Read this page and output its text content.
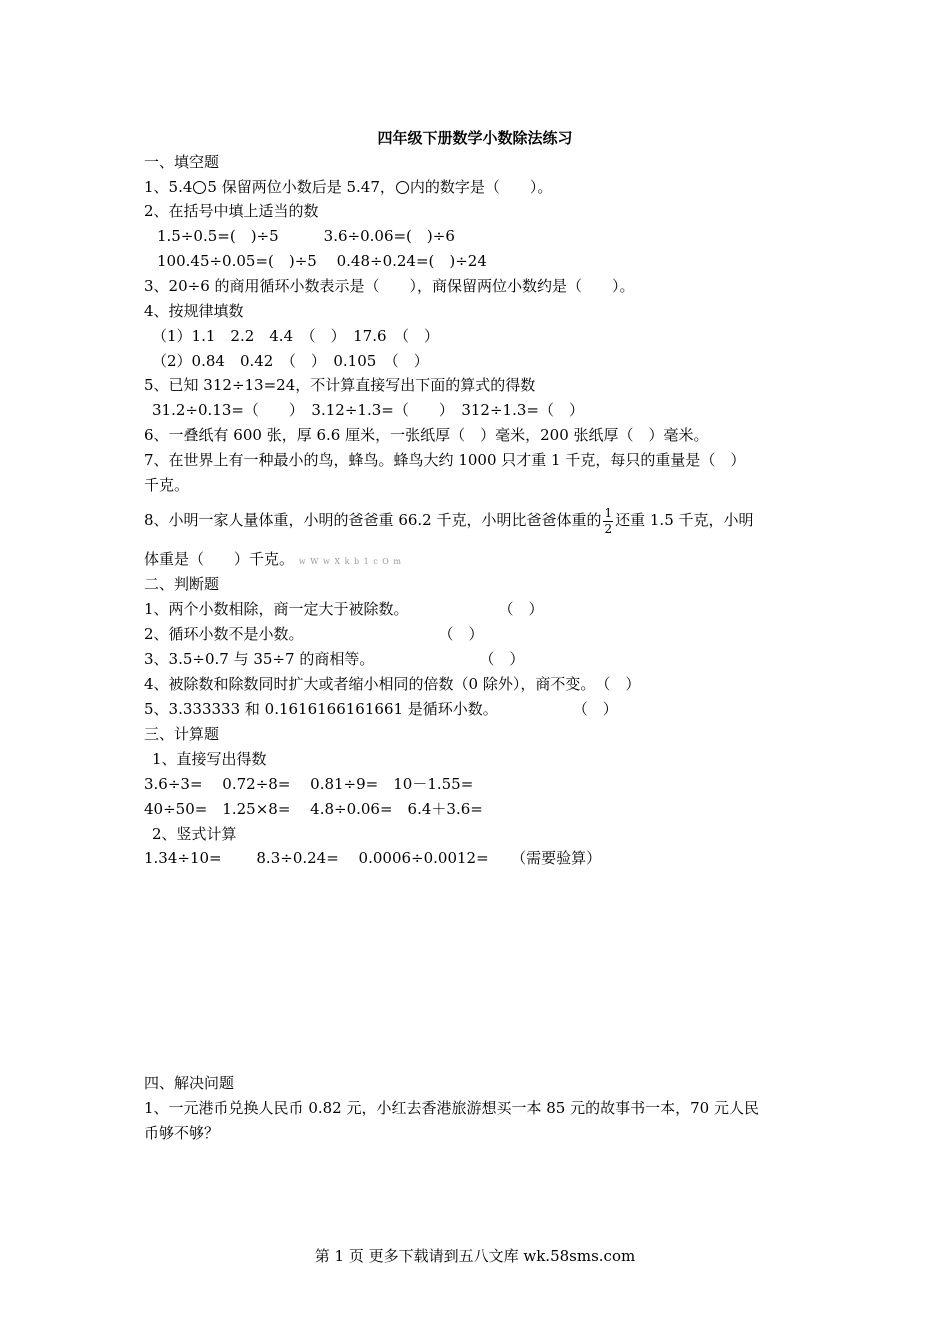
四年级下册数学小数除法练习
一、填空题
1、5.4 5 保留两位小数后是 5.47， 内的数字是（　　）。
2、在括号中填上适当的数
1.5÷0.5=(　)÷5　　　3.6÷0.06=(　)÷6
100.45÷0.05=(　)÷5　 0.48÷0.24=(　)÷24
3、20÷6 的商用循环小数表示是（　　），商保留两位小数约是（　　）。
4、按规律填数
（1）1.1　2.2　4.4　（　）　17.6　（　）
（2）0.84　0.42　（　）　0.105　（　）
5、已知 312÷13=24，不计算直接写出下面的算式的得数
31.2÷0.13=（　　）　3.12÷1.3=（　　）　312÷1.3=（　）
6、一叠纸有 600 张，厚 6.6 厘米，一张纸厚（　）毫米，200 张纸厚（　）毫米。
7、在世界上有一种最小的鸟，蜂鸟。蜂鸟大约 1000 只才重 1 千克，每只的重量是（　）
千克。
8、小明一家人量体重，小明的爸爸重 66.2 千克，小明比爸爸体重的 $\frac{1}{2}$ 还重 1.5 千克，小明
体重是（　　）千克。 w W w X k b 1 c O m
二、判断题
1、两个小数相除，商一定大于被除数。　　　　　　　（　）
2、循环小数不是小数。　　　　　　　　　　（　）
3、3.5÷0.7 与 35÷7 的商相等。　　　　　　　　（　）
4、被除数和除数同时扩大或者缩小相同的倍数（0 除外），商不变。　（　）
5、3.333333 和 0.1616166161661 是循环小数。　　　　　　（　）
三、计算题
1、直接写出得数
3.6÷3=　 0.72÷8=　 0.81÷9=　10－1.55=
40÷50=　1.25×8=　 4.8÷0.06=　6.4＋3.6=
2、竖式计算
1.34÷10=　　 8.3÷0.24=　 0.0006÷0.0012=　　（需要验算）
四、解决问题
1、一元港币兑换人民币 0.82 元，小红去香港旅游想买一本 85 元的故事书一本，70 元人民
币够不够？
第 1 页 更多下载请到五八文库 wk.58sms.com
